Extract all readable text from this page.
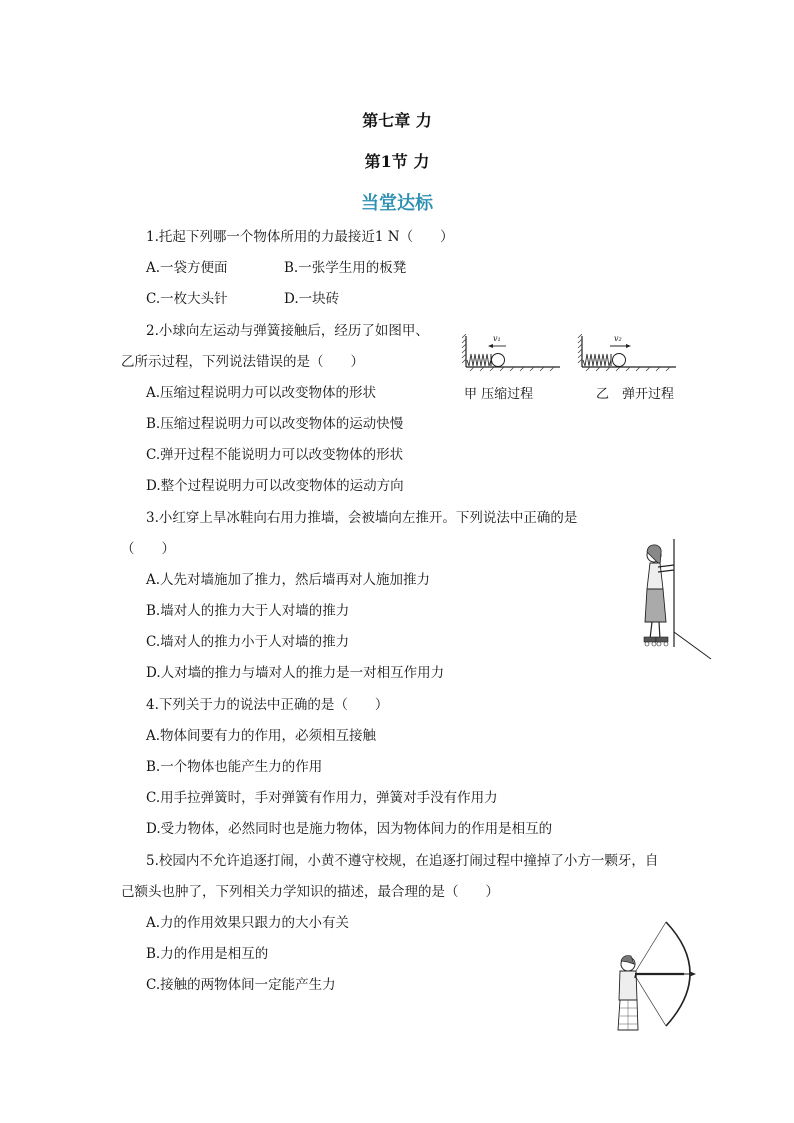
第七章 力
第1节 力
当堂达标
1.托起下列哪一个物体所用的力最接近1 N（　　）
A.一袋方便面	B.一张学生用的板凳
C.一枚大头针	D.一块砖
2.小球向左运动与弹簧接触后，经历了如图甲、
乙所示过程，下列说法错误的是（　　）
A.压缩过程说明力可以改变物体的形状
B.压缩过程说明力可以改变物体的运动快慢
C.弹开过程不能说明力可以改变物体的形状
D.整个过程说明力可以改变物体的运动方向
v₁
甲 压缩过程
v₂
乙　弹开过程
3.小红穿上旱冰鞋向右用力推墙，会被墙向左推开。下列说法中正确的是
（　　）
A.人先对墙施加了推力，然后墙再对人施加推力
B.墙对人的推力大于人对墙的推力
C.墙对人的推力小于人对墙的推力
D.人对墙的推力与墙对人的推力是一对相互作用力
4.下列关于力的说法中正确的是（　　）
A.物体间要有力的作用，必须相互接触
B.一个物体也能产生力的作用
C.用手拉弹簧时，手对弹簧有作用力，弹簧对手没有作用力
D.受力物体，必然同时也是施力物体，因为物体间力的作用是相互的
5.校园内不允许追逐打闹，小黄不遵守校规，在追逐打闹过程中撞掉了小方一颗牙，自
己额头也肿了，下列相关力学知识的描述，最合理的是（　　）
A.力的作用效果只跟力的大小有关
B.力的作用是相互的
C.接触的两物体间一定能产生力
